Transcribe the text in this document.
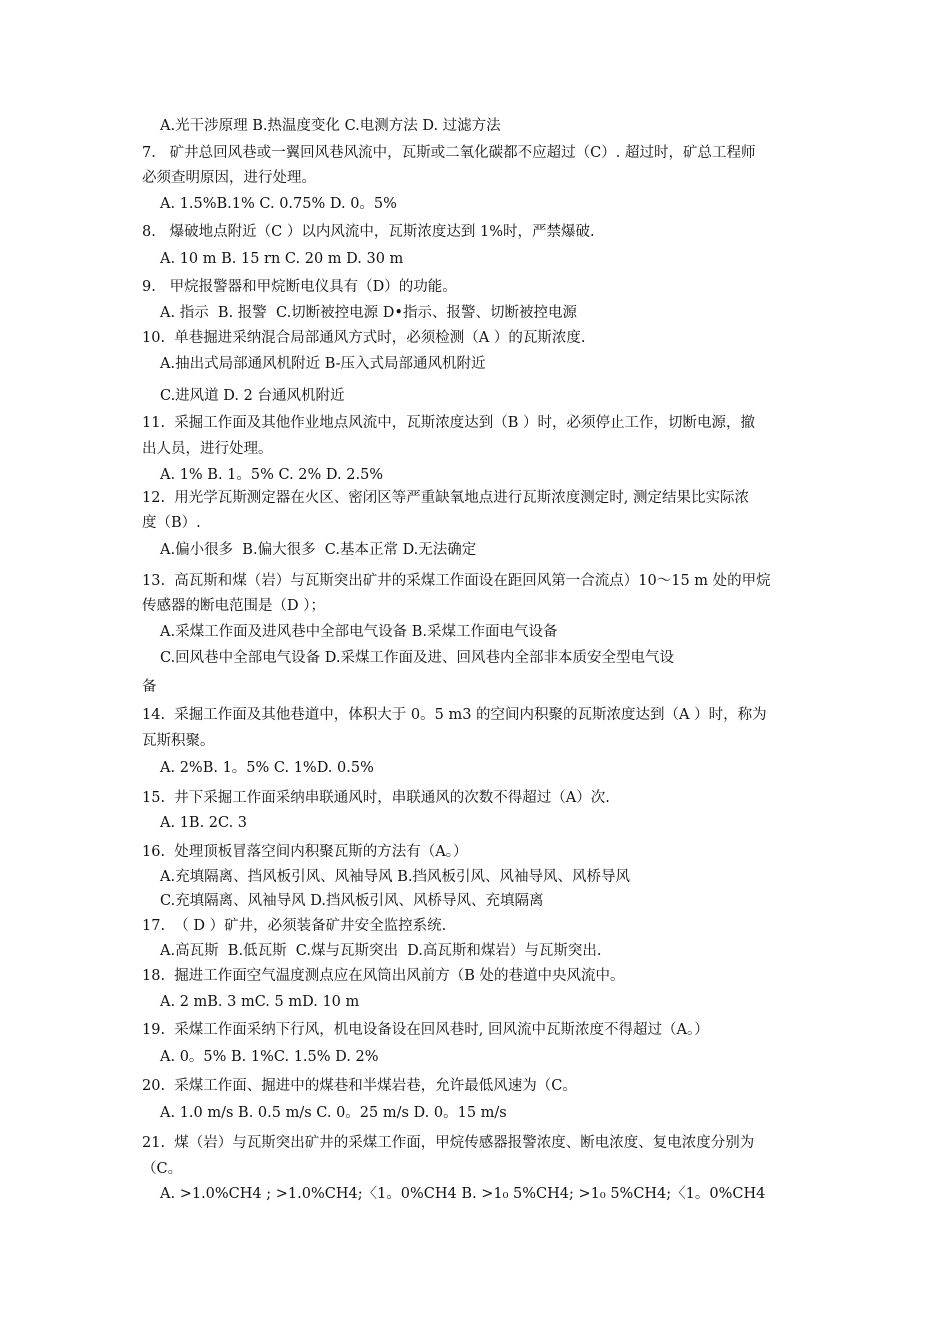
A.光干涉原理 B.热温度变化 C.电测方法 D. 过滤方法
7.   矿井总回风巷或一翼回风巷风流中，瓦斯或二氧化碳都不应超过（C）. 超过时，矿总工程师
必须查明原因，进行处理。
A. 1.5%B.1% C. 0.75% D. 0。5%
8.   爆破地点附近（C ）以内风流中，瓦斯浓度达到 1%时，严禁爆破.
A. 10 m B. 15 rn C. 20 m D. 30 m
9.   甲烷报警器和甲烷断电仪具有（D）的功能。
A. 指示  B. 报警  C.切断被控电源 D•指示、报警、切断被控电源
10.  单巷掘进采纳混合局部通风方式时，必须检测（A ）的瓦斯浓度.
A.抽出式局部通风机附近 B-压入式局部通风机附近
C.进风道 D. 2 台通风机附近
11.  采掘工作面及其他作业地点风流中，瓦斯浓度达到（B ）时，必须停止工作，切断电源，撤
出人员，进行处理。
A. 1% B. 1。5% C. 2% D. 2.5%
12.  用光学瓦斯测定器在火区、密闭区等严重缺氧地点进行瓦斯浓度测定时, 测定结果比实际浓
度（B）.
A.偏小很多  B.偏大很多  C.基本正常 D.无法确定
13.  高瓦斯和煤（岩）与瓦斯突出矿井的采煤工作面设在距回风第一合流点）10〜15 m 处的甲烷
传感器的断电范围是（D ）；
A.采煤工作面及进风巷中全部电气设备 B.采煤工作面电气设备
C.回风巷中全部电气设备 D.采煤工作面及进、回风巷内全部非本质安全型电气设
备
14.  采掘工作面及其他巷道中，体积大于 0。5 m3 的空间内积聚的瓦斯浓度达到（A ）时，称为
瓦斯积聚。
A. 2%B. 1。5% C. 1%D. 0.5%
15.  井下采掘工作面采纳串联通风时，串联通风的次数不得超过（A）次.
A. 1B. 2C. 3
16.  处理顶板冒落空间内积聚瓦斯的方法有（A。）
A.充填隔离、挡风板引风、风袖导风 B.挡风板引风、风袖导风、风桥导风
C.充填隔离、风袖导风 D.挡风板引风、风桥导风、充填隔离
17.  （ D ）矿井，必须装备矿井安全监控系统.
A.高瓦斯  B.低瓦斯  C.煤与瓦斯突出  D.高瓦斯和煤岩）与瓦斯突出.
18.  掘进工作面空气温度测点应在风筒出风前方（B 处的巷道中央风流中。
A. 2 mB. 3 mC. 5 mD. 10 m
19.  采煤工作面采纳下行风，机电设备设在回风巷时, 回风流中瓦斯浓度不得超过（A。）
A. 0。5% B. 1%C. 1.5% D. 2%
20.  采煤工作面、掘进中的煤巷和半煤岩巷，允许最低风速为（C。
A. 1.0 m/s B. 0.5 m/s C. 0。25 m/s D. 0。15 m/s
21.  煤（岩）与瓦斯突出矿井的采煤工作面，甲烷传感器报警浓度、断电浓度、复电浓度分别为
（C。
A. >1.0%CH4 ; >1.0%CH4;〈1。0%CH4 B. >1₀ 5%CH4; >1₀ 5%CH4;〈1。0%CH4
